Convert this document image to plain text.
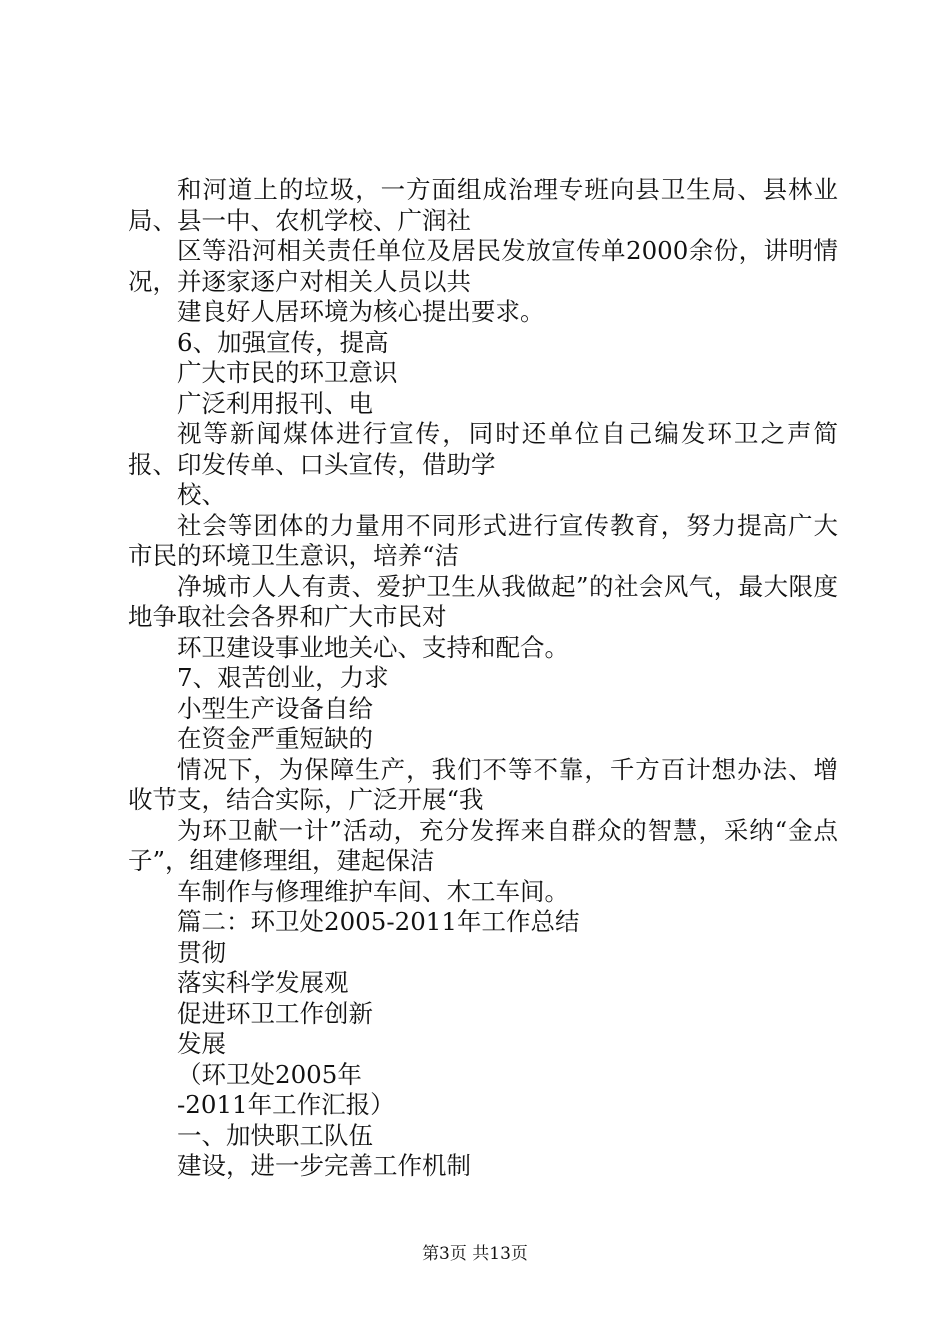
和河道上的垃圾，一方面组成治理专班向县卫生局、县林业局、县一中、农机学校、广润社

区等沿河相关责任单位及居民发放宣传单2000余份，讲明情况，并逐家逐户对相关人员以共

建良好人居环境为核心提出要求。

6、加强宣传，提高

广大市民的环卫意识

广泛利用报刊、电

视等新闻煤体进行宣传，同时还单位自己编发环卫之声简报、印发传单、口头宣传，借助学

校、

社会等团体的力量用不同形式进行宣传教育，努力提高广大市民的环境卫生意识，培养“洁

净城市人人有责、爱护卫生从我做起”的社会风气，最大限度地争取社会各界和广大市民对

环卫建设事业地关心、支持和配合。

7、艰苦创业，力求

小型生产设备自给

在资金严重短缺的

情况下，为保障生产，我们不等不靠，千方百计想办法、增收节支，结合实际，广泛开展“我

为环卫献一计”活动，充分发挥来自群众的智慧，采纳“金点子”，组建修理组，建起保洁

车制作与修理维护车间、木工车间。

篇二：环卫处2005-2011年工作总结

贯彻

落实科学发展观

促进环卫工作创新

发展

（环卫处2005年

-2011年工作汇报）

一、加快职工队伍

建设，进一步完善工作机制

第3页 共13页
